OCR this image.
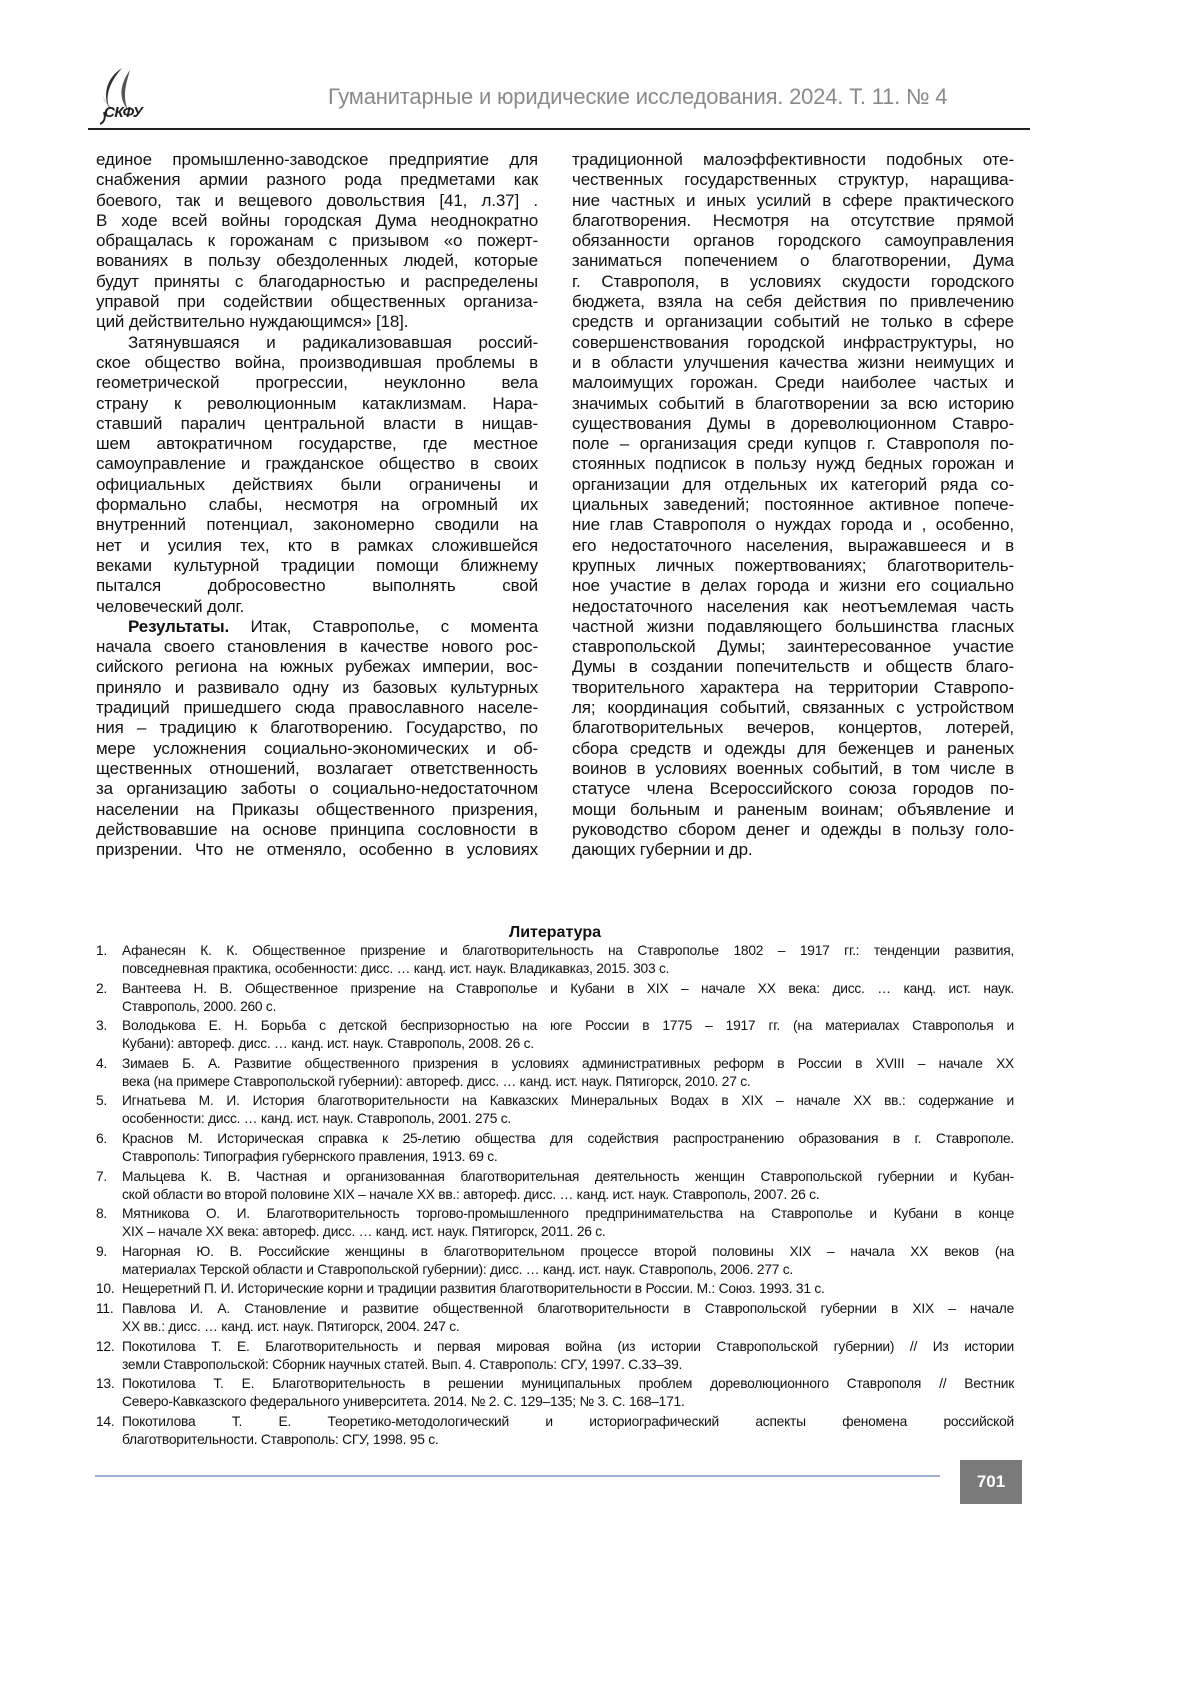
СКФУ
Гуманитарные и юридические исследования. 2024. Т. 11. № 4
единое промышленно-заводское предприятие для
снабжения армии разного рода предметами как
боевого, так и вещевого довольствия [41, л.37] .
В ходе всей войны городская Дума неоднократно
обращалась к горожанам с призывом «о пожерт-
вованиях в пользу обездоленных людей, которые
будут приняты с благодарностью и распределены
управой при содействии общественных организа-
ций действительно нуждающимся» [18].
Затянувшаяся и радикализовавшая россий-
ское общество война, производившая проблемы в
геометрической прогрессии, неуклонно вела
страну к революционным катаклизмам. Нара-
ставший паралич центральной власти в нищав-
шем автократичном государстве, где местное
самоуправление и гражданское общество в своих
официальных действиях были ограничены и
формально слабы, несмотря на огромный их
внутренний потенциал, закономерно сводили на
нет и усилия тех, кто в рамках сложившейся
веками культурной традиции помощи ближнему
пытался добросовестно выполнять свой
человеческий долг.
Результаты. Итак, Ставрополье, с момента
начала своего становления в качестве нового рос-
сийского региона на южных рубежах империи, вос-
приняло и развивало одну из базовых культурных
традиций пришедшего сюда православного населе-
ния – традицию к благотворению. Государство, по
мере усложнения социально-экономических и об-
щественных отношений, возлагает ответственность
за организацию заботы о социально-недостаточном
населении на Приказы общественного призрения,
действовавшие на основе принципа сословности в
призрении. Что не отменяло, особенно в условиях
традиционной малоэффективности подобных оте-
чественных государственных структур, наращива-
ние частных и иных усилий в сфере практического
благотворения. Несмотря на отсутствие прямой
обязанности органов городского самоуправления
заниматься попечением о благотворении, Дума
г. Ставрополя, в условиях скудости городского
бюджета, взяла на себя действия по привлечению
средств и организации событий не только в сфере
совершенствования городской инфраструктуры, но
и в области улучшения качества жизни неимущих и
малоимущих горожан. Среди наиболее частых и
значимых событий в благотворении за всю историю
существования Думы в дореволюционном Ставро-
поле – организация среди купцов г. Ставрополя по-
стоянных подписок в пользу нужд бедных горожан и
организации для отдельных их категорий ряда со-
циальных заведений; постоянное активное попече-
ние глав Ставрополя о нуждах города и , особенно,
его недостаточного населения, выражавшееся и в
крупных личных пожертвованиях; благотворитель-
ное участие в делах города и жизни его социально
недостаточного населения как неотъемлемая часть
частной жизни подавляющего большинства гласных
ставропольской Думы; заинтересованное участие
Думы в создании попечительств и обществ благо-
творительного характера на территории Ставропо-
ля; координация событий, связанных с устройством
благотворительных вечеров, концертов, лотерей,
сбора средств и одежды для беженцев и раненых
воинов в условиях военных событий, в том числе в
статусе члена Всероссийского союза городов по-
мощи больным и раненым воинам; объявление и
руководство сбором денег и одежды в пользу голо-
дающих губернии и др.
Литература
1. Афанесян К. К. Общественное призрение и благотворительность на Ставрополье 1802 – 1917 гг.: тенденции развития,
повседневная практика, особенности: дисс. … канд. ист. наук. Владикавказ, 2015. 303 с.
2. Вантеева Н. В. Общественное призрение на Ставрополье и Кубани в XIX – начале XX века: дисс. … канд. ист. наук.
Ставрополь, 2000. 260 с.
3. Володькова Е. Н. Борьба с детской беспризорностью на юге России в 1775 – 1917 гг. (на материалах Ставрополья и
Кубани): автореф. дисс. … канд. ист. наук. Ставрополь, 2008. 26 с.
4. Зимаев Б. А. Развитие общественного призрения в условиях административных реформ в России в XVIII – начале XX
века (на примере Ставропольской губернии): автореф. дисс. … канд. ист. наук. Пятигорск, 2010. 27 с.
5. Игнатьева М. И. История благотворительности на Кавказских Минеральных Водах в XIX – начале XX вв.: содержание и
особенности: дисс. … канд. ист. наук. Ставрополь, 2001. 275 с.
6. Краснов М. Историческая справка к 25-летию общества для содействия распространению образования в г. Ставрополе.
Ставрополь: Типография губернского правления, 1913. 69 с.
7. Мальцева К. В. Частная и организованная благотворительная деятельность женщин Ставропольской губернии и Кубан-
ской области во второй половине XIX – начале XX вв.: автореф. дисс. … канд. ист. наук. Ставрополь, 2007. 26 с.
8. Мятникова О. И. Благотворительность торгово-промышленного предпринимательства на Ставрополье и Кубани в конце
XIX – начале XX века: автореф. дисс. … канд. ист. наук. Пятигорск, 2011. 26 с.
9. Нагорная Ю. В. Российские женщины в благотворительном процессе второй половины XIX – начала XX веков (на
материалах Терской области и Ставропольской губернии): дисс. … канд. ист. наук. Ставрополь, 2006. 277 с.
10. Нещеретний П. И. Исторические корни и традиции развития благотворительности в России. М.: Союз. 1993. 31 с.
11. Павлова И. А. Становление и развитие общественной благотворительности в Ставропольской губернии в XIX – начале
XX вв.: дисс. … канд. ист. наук. Пятигорск, 2004. 247 с.
12. Покотилова Т. Е. Благотворительность и первая мировая война (из истории Ставропольской губернии) // Из истории
земли Ставропольской: Сборник научных статей. Вып. 4. Ставрополь: СГУ, 1997. С.33–39.
13. Покотилова Т. Е. Благотворительность в решении муниципальных проблем дореволюционного Ставрополя // Вестник
Северо-Кавказского федерального университета. 2014. № 2. С. 129–135; № 3. С. 168–171.
14. Покотилова Т. Е. Теоретико-методологический и историографический аспекты феномена российской
благотворительности. Ставрополь: СГУ, 1998. 95 с.
701
